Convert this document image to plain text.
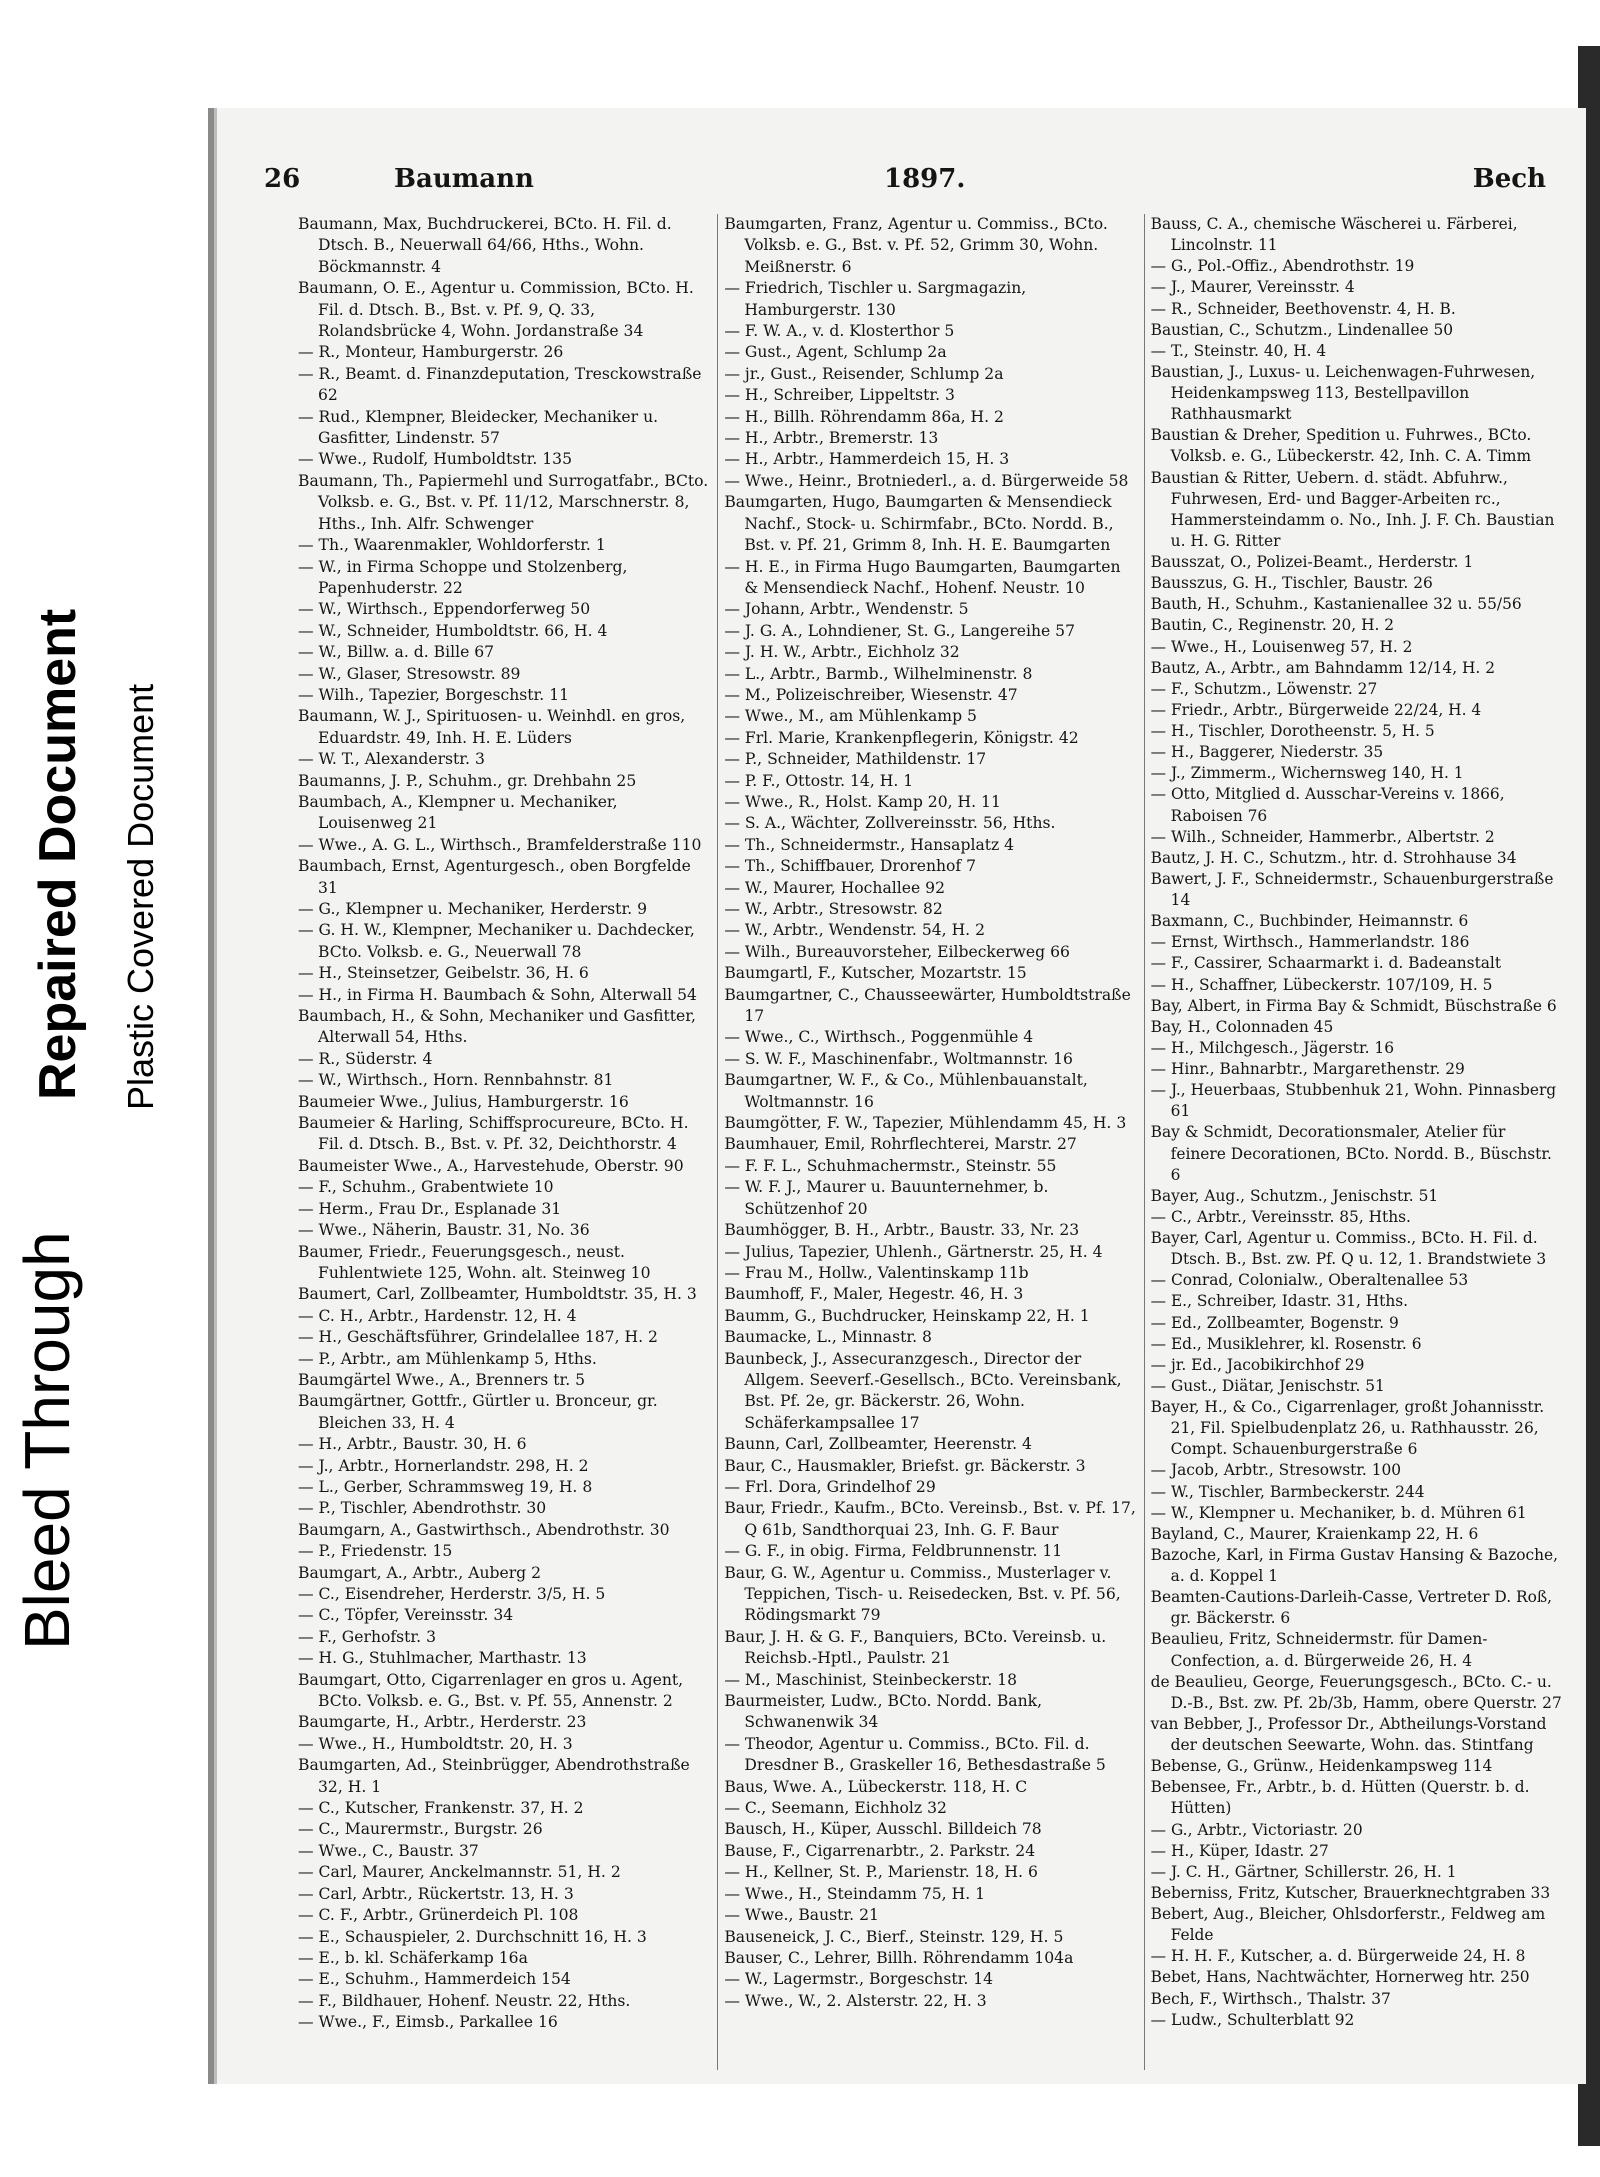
Bleed Through
Repaired Document Plastic Covered Document
26	Baumann	1897.	Bech

Baumann, Max, Buchdruckerei, BCto. H. Fil. d. Dtsch. B., Neuerwall 64/66, Hths., Wohn. Böckmannstr. 4

Baumann, O. E., Agentur u. Commission, BCto. H. Fil. d. Dtsch. B., Bst. v. Pf. 9, Q. 33, Rolandsbrücke 4, Wohn. Jordanstraße 34

— R., Monteur, Hamburgerstr. 26

— R., Beamt. d. Finanzdeputation, Tresckowstraße 62

— Rud., Klempner, Bleidecker, Mechaniker u. Gasfitter, Lindenstr. 57

— Wwe., Rudolf, Humboldtstr. 135

Baumann, Th., Papiermehl und Surrogatfabr., BCto. Volksb. e. G., Bst. v. Pf. 11/12, Marschnerstr. 8, Hths., Inh. Alfr. Schwenger

— Th., Waarenmakler, Wohldorferstr. 1

— W., in Firma Schoppe und Stolzenberg, Papenhuderstr. 22

— W., Wirthsch., Eppendorferweg 50

— W., Schneider, Humboldtstr. 66, H. 4

— W., Billw. a. d. Bille 67

— W., Glaser, Stresowstr. 89

— Wilh., Tapezier, Borgeschstr. 11

Baumann, W. J., Spirituosen- u. Weinhdl. en gros, Eduardstr. 49, Inh. H. E. Lüders

— W. T., Alexanderstr. 3

Baumanns, J. P., Schuhm., gr. Drehbahn 25

Baumbach, A., Klempner u. Mechaniker, Louisenweg 21

— Wwe., A. G. L., Wirthsch., Bramfelderstraße 110

Baumbach, Ernst, Agenturgesch., oben Borgfelde 31

— G., Klempner u. Mechaniker, Herderstr. 9

— G. H. W., Klempner, Mechaniker u. Dachdecker, BCto. Volksb. e. G., Neuerwall 78

— H., Steinsetzer, Geibelstr. 36, H. 6

— H., in Firma H. Baumbach & Sohn, Alterwall 54

Baumbach, H., & Sohn, Mechaniker und Gasfitter, Alterwall 54, Hths.

— R., Süderstr. 4

— W., Wirthsch., Horn. Rennbahnstr. 81

Baumeier Wwe., Julius, Hamburgerstr. 16

Baumeier & Harling, Schiffsprocureure, BCto. H. Fil. d. Dtsch. B., Bst. v. Pf. 32, Deichthorstr. 4

Baumeister Wwe., A., Harvestehude, Oberstr. 90

— F., Schuhm., Grabentwiete 10

— Herm., Frau Dr., Esplanade 31

— Wwe., Näherin, Baustr. 31, No. 36

Baumer, Friedr., Feuerungsgesch., neust. Fuhlentwiete 125, Wohn. alt. Steinweg 10

Baumert, Carl, Zollbeamter, Humboldtstr. 35, H. 3

— C. H., Arbtr., Hardenstr. 12, H. 4

— H., Geschäftsführer, Grindelallee 187, H. 2

— P., Arbtr., am Mühlenkamp 5, Hths.

Baumgärtel Wwe., A., Brenners tr. 5

Baumgärtner, Gottfr., Gürtler u. Bronceur, gr. Bleichen 33, H. 4

— H., Arbtr., Baustr. 30, H. 6

— J., Arbtr., Hornerlandstr. 298, H. 2

— L., Gerber, Schrammsweg 19, H. 8

— P., Tischler, Abendrothstr. 30

Baumgarn, A., Gastwirthsch., Abendrothstr. 30

— P., Friedenstr. 15

Baumgart, A., Arbtr., Auberg 2

— C., Eisendreher, Herderstr. 3/5, H. 5

— C., Töpfer, Vereinsstr. 34

— F., Gerhofstr. 3

— H. G., Stuhlmacher, Marthastr. 13

Baumgart, Otto, Cigarrenlager en gros u. Agent, BCto. Volksb. e. G., Bst. v. Pf. 55, Annenstr. 2

Baumgarte, H., Arbtr., Herderstr. 23

— Wwe., H., Humboldtstr. 20, H. 3

Baumgarten, Ad., Steinbrügger, Abendrothstraße 32, H. 1

— C., Kutscher, Frankenstr. 37, H. 2

— C., Maurermstr., Burgstr. 26

— Wwe., C., Baustr. 37

— Carl, Maurer, Anckelmannstr. 51, H. 2

— Carl, Arbtr., Rückertstr. 13, H. 3

— C. F., Arbtr., Grünerdeich Pl. 108

— E., Schauspieler, 2. Durchschnitt 16, H. 3

— E., b. kl. Schäferkamp 16a

— E., Schuhm., Hammerdeich 154

— F., Bildhauer, Hohenf. Neustr. 22, Hths.

— Wwe., F., Eimsb., Parkallee 16

Baumgarten, Franz, Agentur u. Commiss., BCto. Volksb. e. G., Bst. v. Pf. 52, Grimm 30, Wohn. Meißnerstr. 6

— Friedrich, Tischler u. Sargmagazin, Hamburgerstr. 130

— F. W. A., v. d. Klosterthor 5

— Gust., Agent, Schlump 2a

— jr., Gust., Reisender, Schlump 2a

— H., Schreiber, Lippeltstr. 3

— H., Billh. Röhrendamm 86a, H. 2

— H., Arbtr., Bremerstr. 13

— H., Arbtr., Hammerdeich 15, H. 3

— Wwe., Heinr., Brotniederl., a. d. Bürgerweide 58

Baumgarten, Hugo, Baumgarten & Mensendieck Nachf., Stock- u. Schirmfabr., BCto. Nordd. B., Bst. v. Pf. 21, Grimm 8, Inh. H. E. Baumgarten

— H. E., in Firma Hugo Baumgarten, Baumgarten & Mensendieck Nachf., Hohenf. Neustr. 10

— Johann, Arbtr., Wendenstr. 5

— J. G. A., Lohndiener, St. G., Langereihe 57

— J. H. W., Arbtr., Eichholz 32

— L., Arbtr., Barmb., Wilhelminenstr. 8

— M., Polizeischreiber, Wiesenstr. 47

— Wwe., M., am Mühlenkamp 5

— Frl. Marie, Krankenpflegerin, Königstr. 42

— P., Schneider, Mathildenstr. 17

— P. F., Ottostr. 14, H. 1

— Wwe., R., Holst. Kamp 20, H. 11

— S. A., Wächter, Zollvereinsstr. 56, Hths.

— Th., Schneidermstr., Hansaplatz 4

— Th., Schiffbauer, Drorenhof 7

— W., Maurer, Hochallee 92

— W., Arbtr., Stresowstr. 82

— W., Arbtr., Wendenstr. 54, H. 2

— Wilh., Bureauvorsteher, Eilbeckerweg 66

Baumgartl, F., Kutscher, Mozartstr. 15

Baumgartner, C., Chausseewärter, Humboldtstraße 17

— Wwe., C., Wirthsch., Poggenmühle 4

— S. W. F., Maschinenfabr., Woltmannstr. 16

Baumgartner, W. F., & Co., Mühlenbauanstalt, Woltmannstr. 16

Baumgötter, F. W., Tapezier, Mühlendamm 45, H. 3

Baumhauer, Emil, Rohrflechterei, Marstr. 27

— F. F. L., Schuhmachermstr., Steinstr. 55

— W. F. J., Maurer u. Bauunternehmer, b. Schützenhof 20

Baumhögger, B. H., Arbtr., Baustr. 33, Nr. 23

— Julius, Tapezier, Uhlenh., Gärtnerstr. 25, H. 4

— Frau M., Hollw., Valentinskamp 11b

Baumhoff, F., Maler, Hegestr. 46, H. 3

Baumm, G., Buchdrucker, Heinskamp 22, H. 1

Baumacke, L., Minnastr. 8

Baunbeck, J., Assecuranzgesch., Director der Allgem. Seeverf.-Gesellsch., BCto. Vereinsbank, Bst. Pf. 2e, gr. Bäckerstr. 26, Wohn. Schäferkampsallee 17

Baunn, Carl, Zollbeamter, Heerenstr. 4

Baur, C., Hausmakler, Briefst. gr. Bäckerstr. 3

— Frl. Dora, Grindelhof 29

Baur, Friedr., Kaufm., BCto. Vereinsb., Bst. v. Pf. 17, Q 61b, Sandthorquai 23, Inh. G. F. Baur

— G. F., in obig. Firma, Feldbrunnenstr. 11

Baur, G. W., Agentur u. Commiss., Musterlager v. Teppichen, Tisch- u. Reisedecken, Bst. v. Pf. 56, Rödingsmarkt 79

Baur, J. H. & G. F., Banquiers, BCto. Vereinsb. u. Reichsb.-Hptl., Paulstr. 21

— M., Maschinist, Steinbeckerstr. 18

Baurmeister, Ludw., BCto. Nordd. Bank, Schwanenwik 34

— Theodor, Agentur u. Commiss., BCto. Fil. d. Dresdner B., Graskeller 16, Bethesdastraße 5

Baus, Wwe. A., Lübeckerstr. 118, H. C

— C., Seemann, Eichholz 32

Bausch, H., Küper, Ausschl. Billdeich 78

Bause, F., Cigarrenarbtr., 2. Parkstr. 24

— H., Kellner, St. P., Marienstr. 18, H. 6

— Wwe., H., Steindamm 75, H. 1

— Wwe., Baustr. 21

Bauseneick, J. C., Bierf., Steinstr. 129, H. 5

Bauser, C., Lehrer, Billh. Röhrendamm 104a

— W., Lagermstr., Borgeschstr. 14

— Wwe., W., 2. Alsterstr. 22, H. 3

Bauss, C. A., chemische Wäscherei u. Färberei, Lincolnstr. 11

— G., Pol.-Offiz., Abendrothstr. 19

— J., Maurer, Vereinsstr. 4

— R., Schneider, Beethovenstr. 4, H. B.

Baustian, C., Schutzm., Lindenallee 50

— T., Steinstr. 40, H. 4

Baustian, J., Luxus- u. Leichenwagen-Fuhrwesen, Heidenkampsweg 113, Bestellpavillon Rathhausmarkt

Baustian & Dreher, Spedition u. Fuhrwes., BCto. Volksb. e. G., Lübeckerstr. 42, Inh. C. A. Timm

Baustian & Ritter, Uebern. d. städt. Abfuhrw., Fuhrwesen, Erd- und Bagger-Arbeiten rc., Hammersteindamm o. No., Inh. J. F. Ch. Baustian u. H. G. Ritter

Bausszat, O., Polizei-Beamt., Herderstr. 1

Bausszus, G. H., Tischler, Baustr. 26

Bauth, H., Schuhm., Kastanienallee 32 u. 55/56

Bautin, C., Reginenstr. 20, H. 2

— Wwe., H., Louisenweg 57, H. 2

Bautz, A., Arbtr., am Bahndamm 12/14, H. 2

— F., Schutzm., Löwenstr. 27

— Friedr., Arbtr., Bürgerweide 22/24, H. 4

— H., Tischler, Dorotheenstr. 5, H. 5

— H., Baggerer, Niederstr. 35

— J., Zimmerm., Wichernsweg 140, H. 1

— Otto, Mitglied d. Ausschar-Vereins v. 1866, Raboisen 76

— Wilh., Schneider, Hammerbr., Albertstr. 2

Bautz, J. H. C., Schutzm., htr. d. Strohhause 34

Bawert, J. F., Schneidermstr., Schauenburgerstraße 14

Baxmann, C., Buchbinder, Heimannstr. 6

— Ernst, Wirthsch., Hammerlandstr. 186

— F., Cassirer, Schaarmarkt i. d. Badeanstalt

— H., Schaffner, Lübeckerstr. 107/109, H. 5

Bay, Albert, in Firma Bay & Schmidt, Büschstraße 6

Bay, H., Colonnaden 45

— H., Milchgesch., Jägerstr. 16

— Hinr., Bahnarbtr., Margarethenstr. 29

— J., Heuerbaas, Stubbenhuk 21, Wohn. Pinnasberg 61

Bay & Schmidt, Decorationsmaler, Atelier für feinere Decorationen, BCto. Nordd. B., Büschstr. 6

Bayer, Aug., Schutzm., Jenischstr. 51

— C., Arbtr., Vereinsstr. 85, Hths.

Bayer, Carl, Agentur u. Commiss., BCto. H. Fil. d. Dtsch. B., Bst. zw. Pf. Q u. 12, 1. Brandstwiete 3

— Conrad, Colonialw., Oberaltenallee 53

— E., Schreiber, Idastr. 31, Hths.

— Ed., Zollbeamter, Bogenstr. 9

— Ed., Musiklehrer, kl. Rosenstr. 6

— jr. Ed., Jacobikirchhof 29

— Gust., Diätar, Jenischstr. 51

Bayer, H., & Co., Cigarrenlager, großt Johannisstr. 21, Fil. Spielbudenplatz 26, u. Rathhausstr. 26, Compt. Schauenburgerstraße 6

— Jacob, Arbtr., Stresowstr. 100

— W., Tischler, Barmbeckerstr. 244

— W., Klempner u. Mechaniker, b. d. Mühren 61

Bayland, C., Maurer, Kraienkamp 22, H. 6

Bazoche, Karl, in Firma Gustav Hansing & Bazoche, a. d. Koppel 1

Beamten-Cautions-Darleih-Casse, Vertreter D. Roß, gr. Bäckerstr. 6

Beaulieu, Fritz, Schneidermstr. für Damen-Confection, a. d. Bürgerweide 26, H. 4

de Beaulieu, George, Feuerungsgesch., BCto. C.- u. D.-B., Bst. zw. Pf. 2b/3b, Hamm, obere Querstr. 27

van Bebber, J., Professor Dr., Abtheilungs-Vorstand der deutschen Seewarte, Wohn. das. Stintfang

Bebense, G., Grünw., Heidenkampsweg 114

Bebensee, Fr., Arbtr., b. d. Hütten (Querstr. b. d. Hütten)

— G., Arbtr., Victoriastr. 20

— H., Küper, Idastr. 27

— J. C. H., Gärtner, Schillerstr. 26, H. 1

Beberniss, Fritz, Kutscher, Brauerknechtgraben 33

Bebert, Aug., Bleicher, Ohlsdorferstr., Feldweg am Felde

— H. H. F., Kutscher, a. d. Bürgerweide 24, H. 8

Bebet, Hans, Nachtwächter, Hornerweg htr. 250

Bech, F., Wirthsch., Thalstr. 37

— Ludw., Schulterblatt 92
